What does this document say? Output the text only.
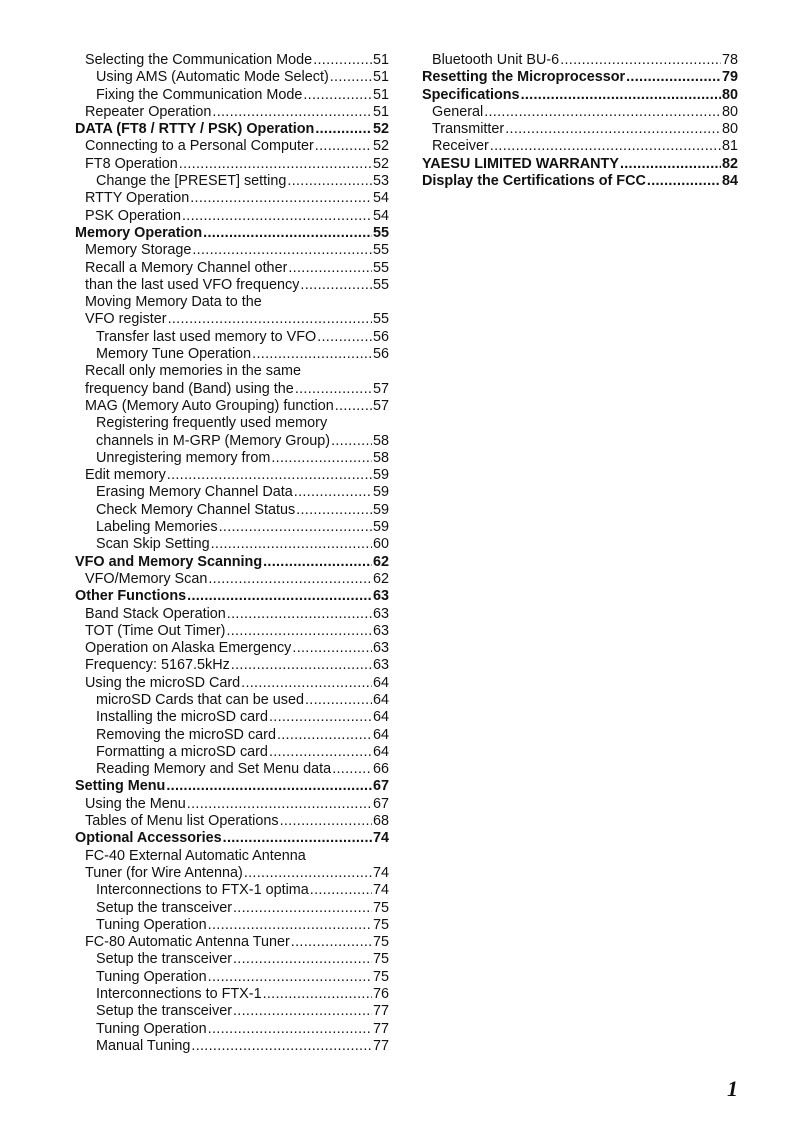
Selecting the Communication Mode .....	51
Using AMS (Automatic Mode Select) .....	51
Fixing the Communication Mode .....	51
Repeater Operation .....	51
DATA (FT8 / RTTY / PSK) Operation .....	52
Connecting to a Personal Computer .....	52
FT8 Operation .....	52
Change the [PRESET] setting .....	53
RTTY Operation .....	54
PSK Operation .....	54
Memory Operation .....	55
Memory Storage .....	55
Recall a Memory Channel other .....	55
than the last used VFO frequency .....	55
Moving Memory Data to the
VFO register .....	55
Transfer last used memory to VFO .....	56
Memory Tune Operation .....	56
Recall only memories in the same
frequency band (Band) using the .....	57
MAG (Memory Auto Grouping) function .....	57
Registering frequently used memory
channels in M-GRP (Memory Group) .....	58
Unregistering memory from .....	58
Edit memory .....	59
Erasing Memory Channel Data .....	59
Check Memory Channel Status .....	59
Labeling Memories .....	59
Scan Skip Setting .....	60
VFO and Memory Scanning .....	62
VFO/Memory Scan .....	62
Other Functions .....	63
Band Stack Operation .....	63
TOT (Time Out Timer) .....	63
Operation on Alaska Emergency .....	63
Frequency: 5167.5kHz .....	63
Using the microSD Card .....	64
microSD Cards that can be used .....	64
Installing the microSD card .....	64
Removing the microSD card .....	64
Formatting a microSD card .....	64
Reading Memory and Set Menu data .....	66
Setting Menu .....	67
Using the Menu .....	67
Tables of Menu list Operations .....	68
Optional Accessories .....	74
FC-40 External Automatic Antenna
Tuner (for Wire Antenna) .....	74
Interconnections to FTX-1 optima .....	74
Setup the transceiver .....	75
Tuning Operation .....	75
FC-80 Automatic Antenna Tuner .....	75
Setup the transceiver .....	75
Tuning Operation .....	75
Interconnections to FTX-1 .....	76
Setup the transceiver .....	77
Tuning Operation .....	77
Manual Tuning .....	77
Bluetooth Unit BU-6 .....	78
Resetting the Microprocessor .....	79
Specifications .....	80
General .....	80
Transmitter .....	80
Receiver .....	81
YAESU LIMITED WARRANTY .....	82
Display the Certifications of FCC .....	84
1
